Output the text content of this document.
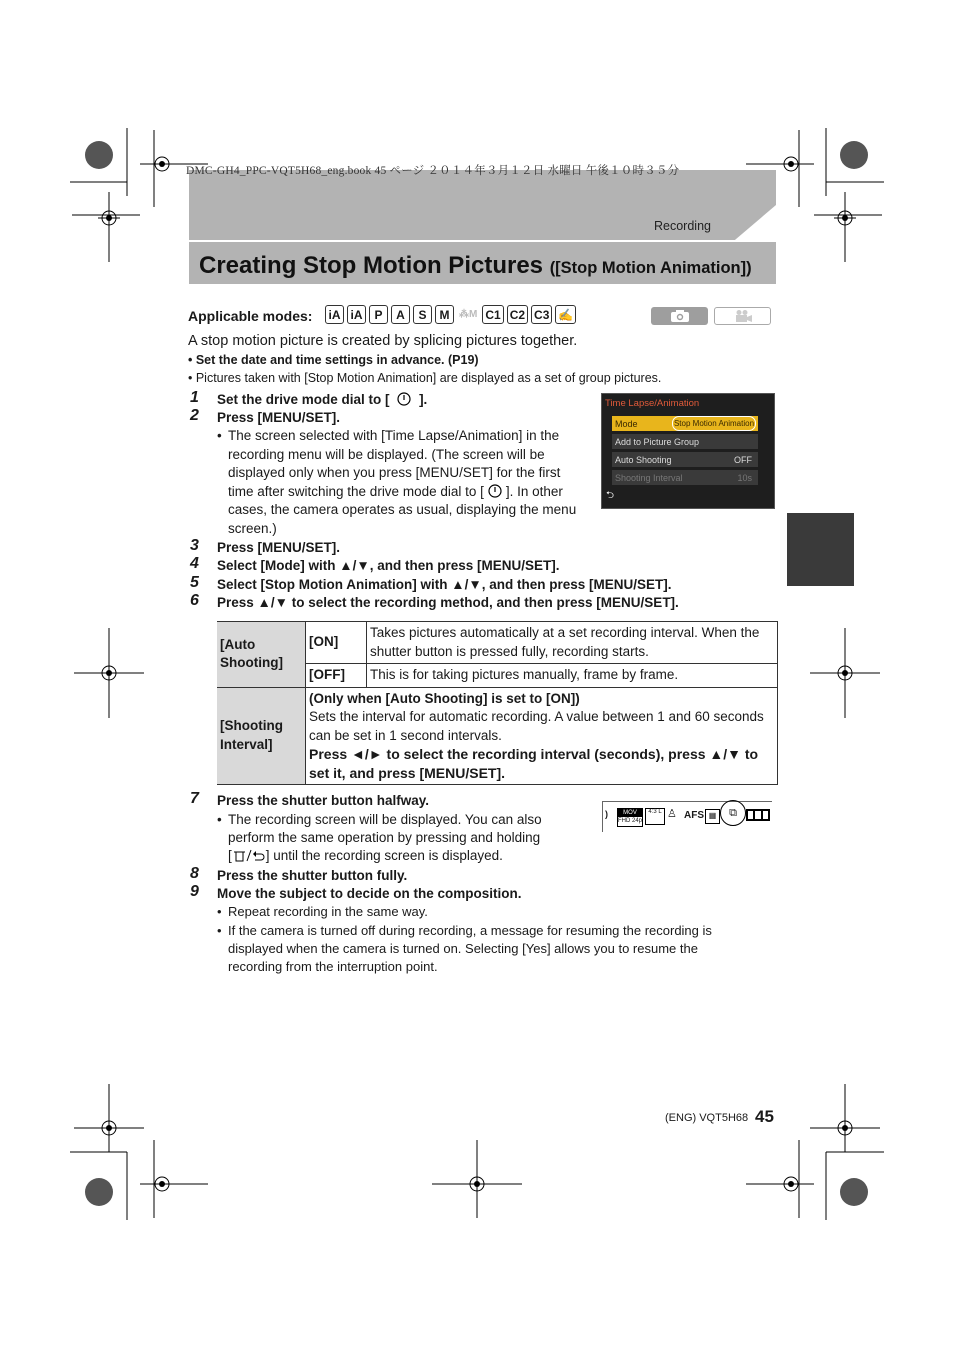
DMC-GH4_PPC-VQT5H68_eng.book 45 ページ ２０１４年３月１２日 水曜日 午後１０時３５分
Recording
Creating Stop Motion Pictures ([Stop Motion Animation])
Applicable modes: iA iA P	A	S	M ⁂M C1 C2 C3 ✍
A stop motion picture is created by splicing pictures together.
• Set the date and time settings in advance. (P19)
• Pictures taken with [Stop Motion Animation] are displayed as a set of group pictures.
1 Set the drive mode dial to [ ].
2 Press [MENU/SET].
• The screen selected with [Time Lapse/Animation] in the
recording menu will be displayed. (The screen will be
displayed only when you press [MENU/SET] for the first
time after switching the drive mode dial to [ ]. In other
cases, the camera operates as usual, displaying the menu
screen.)
Time Lapse/Animation
Mode	Stop Motion Animation
Add to Picture Group
Auto Shooting	OFF
Shooting Interval	10s
⮌
3 Press [MENU/SET].
4 Select [Mode] with ▲/▼, and then press [MENU/SET].
5 Select [Stop Motion Animation] with ▲/▼, and then press [MENU/SET].
6 Press ▲/▼ to select the recording method, and then press [MENU/SET].
[Auto Shooting]	[ON]	Takes pictures automatically at a set recording interval. When the shutter button is pressed fully, recording starts.
	[OFF]	This is for taking pictures manually, frame by frame.
[Shooting Interval]	(Only when [Auto Shooting] is set to [ON])
Sets the interval for automatic recording. A value between 1 and 60 seconds can be set in 1 second intervals.
Press ◄/► to select the recording interval (seconds), press ▲/▼ to set it, and press [MENU/SET].	
7 Press the shutter button halfway.
• The recording screen will be displayed. You can also
perform the same operation by pressing and holding
[	] until the recording screen is displayed.
)	MOV
FHD 24p
4:3 L ♙ AFS ▦	⧉
8 Press the shutter button fully.
9 Move the subject to decide on the composition.
• Repeat recording in the same way.
• If the camera is turned off during recording, a message for resuming the recording is
displayed when the camera is turned on. Selecting [Yes] allows you to resume the
recording from the interruption point.
(ENG) VQT5H68 45
